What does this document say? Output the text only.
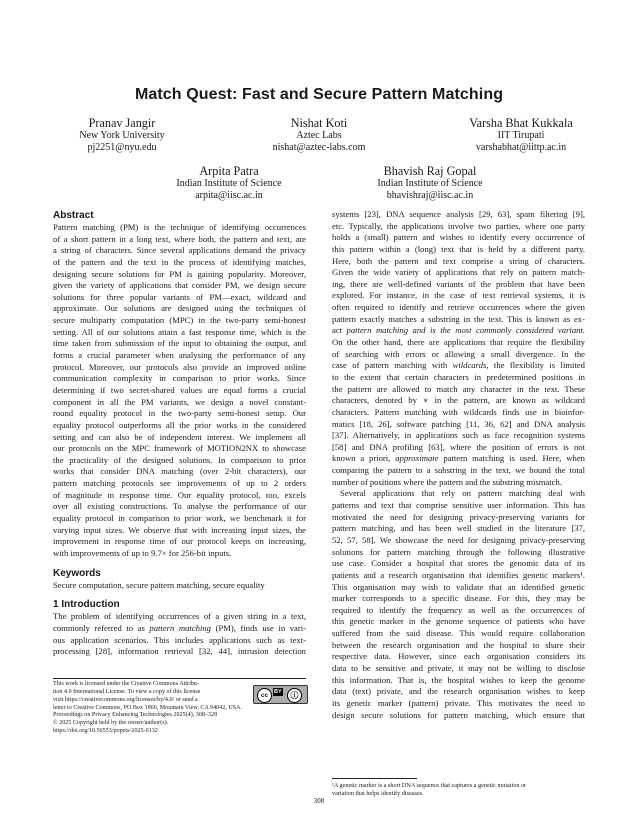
Match Quest: Fast and Secure Pattern Matching
Pranav Jangir
New York University
pj2251@nyu.edu
Nishat Koti
Aztec Labs
nishat@aztec-labs.com
Varsha Bhat Kukkala
IIT Tirupati
varshabhat@iittp.ac.in
Arpita Patra
Indian Institute of Science
arpita@iisc.ac.in
Bhavish Raj Gopal
Indian Institute of Science
bhavishraj@iisc.ac.in
Abstract
Pattern matching (PM) is the technique of identifying occurrences
of a short pattern in a long text, where both, the pattern and text, are
a string of characters. Since several applications demand the privacy
of the pattern and the text in the process of identifying matches,
designing secure solutions for PM is gaining popularity. Moreover,
given the variety of applications that consider PM, we design secure
solutions for three popular variants of PM—exact, wildcard and
approximate. Our solutions are designed using the techniques of
secure multiparty computation (MPC) in the two-party semi-honest
setting. All of our solutions attain a fast response time, which is the
time taken from submission of the input to obtaining the output, and
forms a crucial parameter when analysing the performance of any
protocol. Moreover, our protocols also provide an improved online
communication complexity in comparison to prior works. Since
determining if two secret-shared values are equal forms a crucial
component in all the PM variants, we design a novel constant-
round equality protocol in the two-party semi-honest setup. Our
equality protocol outperforms all the prior works in the considered
setting and can also be of independent interest. We implement all
our protocols on the MPC framework of MOTION2NX to showcase
the practicality of the designed solutions. In comparison to prior
works that consider DNA matching (over 2-bit characters), our
pattern matching protocols see improvements of up to 2 orders
of magnitude in response time. Our equality protocol, too, excels
over all existing constructions. To analyse the performance of our
equality protocol in comparison to prior work, we benchmark it for
varying input sizes. We observe that with increasing input sizes, the
improvement in response time of our protocol keeps on increasing,
with improvements of up to 9.7× for 256-bit inputs.
Keywords
Secure computation, secure pattern matching, secure equality
1 Introduction
The problem of identifying occurrences of a given string in a text,
commonly referred to as pattern matching (PM), finds use in vari-
ous application scenarios. This includes applications such as text-
processing [28], information retrieval [32, 44], intrusion detection
systems [23], DNA sequence analysis [29, 63], spam filtering [9],
etc. Typically, the applications involve two parties, where one party
holds a (small) pattern and wishes to identify every occurrence of
this pattern within a (long) text that is held by a different party.
Here, both the pattern and text comprise a string of characters.
Given the wide variety of applications that rely on pattern match-
ing, there are well-defined variants of the problem that have been
explored. For instance, in the case of text retrieval systems, it is
often required to identify and retrieve occurrences where the given
pattern exactly matches a substring in the text. This is known as ex-
act pattern matching and is the most commonly considered variant.
On the other hand, there are applications that require the flexibility
of searching with errors or allowing a small divergence. In the
case of pattern matching with wildcards, the flexibility is limited
to the extent that certain characters in predetermined positions in
the pattern are allowed to match any character in the text. These
characters, denoted by ∗ in the pattern, are known as wildcard
characters. Pattern matching with wildcards finds use in bioinfor-
matics [18, 26], software patching [11, 36, 62] and DNA analysis
[37]. Alternatively, in applications such as face recognition systems
[58] and DNA profiling [63], where the position of errors is not
known a priori, approximate pattern matching is used. Here, when
comparing the pattern to a substring in the text, we bound the total
number of positions where the pattern and the substring mismatch.
Several applications that rely on pattern matching deal with
patterns and text that comprise sensitive user information. This has
motivated the need for designing privacy-preserving variants for
pattern matching, and has been well studied in the literature [37,
52, 57, 58]. We showcase the need for designing privacy-preserving
solutions for pattern matching through the following illustrative
use case. Consider a hospital that stores the genomic data of its
patients and a research organisation that identifies genetic markers¹.
This organisation may wish to validate that an identified genetic
marker corresponds to a specific disease. For this, they may be
required to identify the frequency as well as the occurrences of
this genetic marker in the genome sequence of patients who have
suffered from the said disease. This would require collaboration
between the research organisation and the hospital to share their
respective data. However, since each organisation considers its
data to be sensitive and private, it may not be willing to disclose
this information. That is, the hospital wishes to keep the genome
data (text) private, and the research organisation wishes to keep
its genetic marker (pattern) private. This motivates the need to
design secure solutions for pattern matching, which ensure that
This work is licensed under the Creative Commons Attribu-
tion 4.0 International License. To view a copy of this license
visit https://creativecommons.org/licenses/by/4.0/ or send a
letter to Creative Commons, PO Box 1866, Mountain View, CA 94042, USA.
Proceedings on Privacy Enhancing Technologies 2025(4), 308–328
© 2025 Copyright held by the owner/author(s).
https://doi.org/10.56553/popets-2025-0132
cc	BY	ⓘ
¹A genetic marker is a short DNA sequence that captures a genetic mutation or
variation that helps identify diseases.
308
